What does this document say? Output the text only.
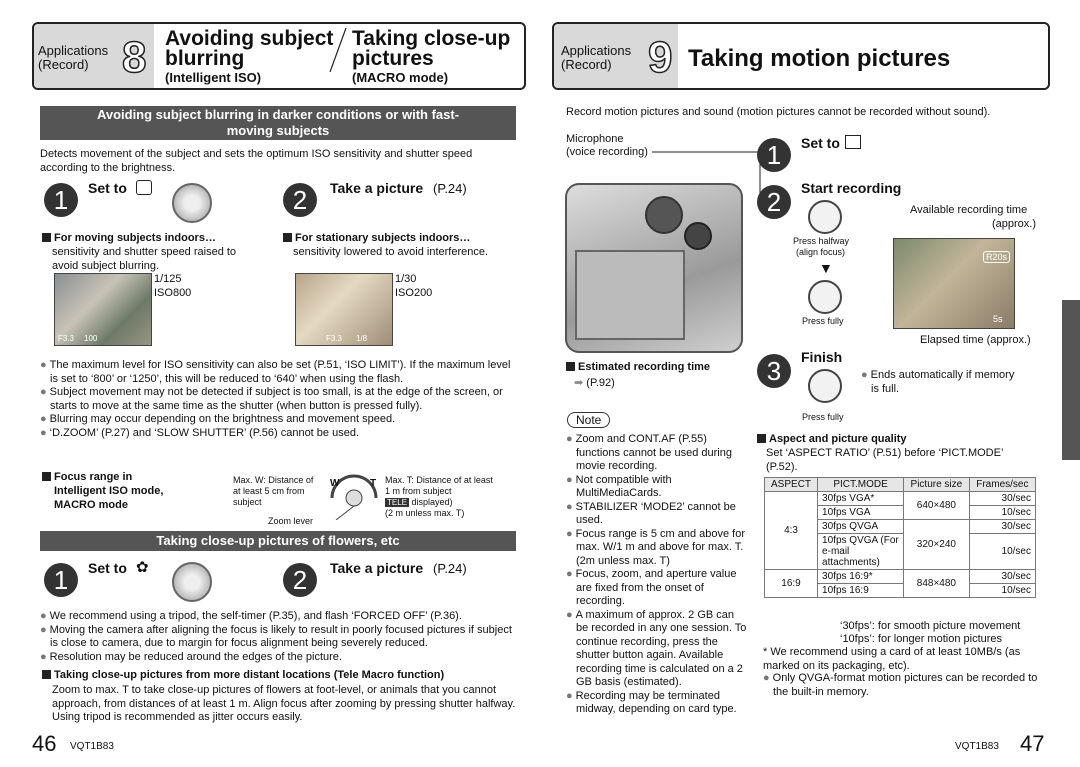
Applications
(Record) 8 Avoiding subject
blurring
(Intelligent ISO)
Taking close-up
pictures
(MACRO mode)
Avoiding subject blurring in darker conditions or with fast-moving subjects
Detects movement of the subject and sets the optimum ISO sensitivity and shutter speed according to the brightness.
1	Set to	2	Take a picture (P.24)
For moving subjects indoors…
sensitivity and shutter speed raised to avoid subject blurring.
1/125
ISO800
F3.3 100
For stationary subjects indoors…
sensitivity lowered to avoid interference.
1/30
ISO200
F3.3 1/8
● The maximum level for ISO sensitivity can also be set (P.51, ‘ISO LIMIT’). If the maximum level is set to ‘800’ or ‘1250’, this will be reduced to ‘640’ when using the flash.
● Subject movement may not be detected if subject is too small, is at the edge of the screen, or starts to move at the same time as the shutter (when button is pressed fully).
● Blurring may occur depending on the brightness and movement speed.
● ‘D.ZOOM’ (P.27) and ‘SLOW SHUTTER’ (P.56) cannot be used.
Focus range in
Intelligent ISO mode,
MACRO mode
Max. W: Distance of
at least 5 cm from
subject
W	T Max. T: Distance of at least
1 m from subject
TELE displayed)
(2 m unless max. T)
Zoom lever
Taking close-up pictures of flowers, etc
1	Set to ✿	2	Take a picture (P.24)
● We recommend using a tripod, the self-timer (P.35), and flash ‘FORCED OFF’ (P.36).
● Moving the camera after aligning the focus is likely to result in poorly focused pictures if subject is close to camera, due to margin for focus alignment being severely reduced.
● Resolution may be reduced around the edges of the picture.
Taking close-up pictures from more distant locations (Tele Macro function)
Zoom to max. T to take close-up pictures of flowers at foot-level, or animals that you cannot approach, from distances of at least 1 m. Align focus after zooming by pressing shutter halfway. Using tripod is recommended as jitter occurs easily.
46 VQT1B83
Applications
(Record) 9 Taking motion pictures
Record motion pictures and sound (motion pictures cannot be recorded without sound).
Microphone
(voice recording)	1	Set to
2	Start recording
Available recording time
(approx.)
Press halfway
(align focus)
▼
Press fully
R20s
5s
Elapsed time (approx.)
Estimated recording time
➡ (P.92)	3	Finish
● Ends automatically if memory
is full.
Press fully
Note
● Zoom and CONT.AF (P.55) functions cannot be used during movie recording.
● Not compatible with MultiMediaCards.
● STABILIZER ‘MODE2’ cannot be used.
● Focus range is 5 cm and above for max. W/1 m and above for max. T. (2m unless max. T)
● Focus, zoom, and aperture value are fixed from the onset of recording.
● A maximum of approx. 2 GB can be recorded in any one session. To continue recording, press the shutter button again. Available recording time is calculated on a 2 GB basis (estimated).
● Recording may be terminated midway, depending on card type.
Aspect and picture quality
Set ‘ASPECT RATIO’ (P.51) before ‘PICT.MODE’ (P.52).
ASPECT	PICT.MODE	Picture size	Frames/sec
4:3	30fps VGA*	640×480	30/sec
	10fps VGA		10/sec
	30fps QVGA	320×240	30/sec
	10fps QVGA (For e-mail attachments)		10/sec
16:9	30fps 16:9*	848×480	30/sec
	10fps 16:9		10/sec
‘30fps’: for smooth picture movement
‘10fps’: for longer motion pictures
* We recommend using a card of at least 10MB/s (as marked on its packaging, etc).
● Only QVGA-format motion pictures can be recorded to the built-in memory.
VQT1B83 47
